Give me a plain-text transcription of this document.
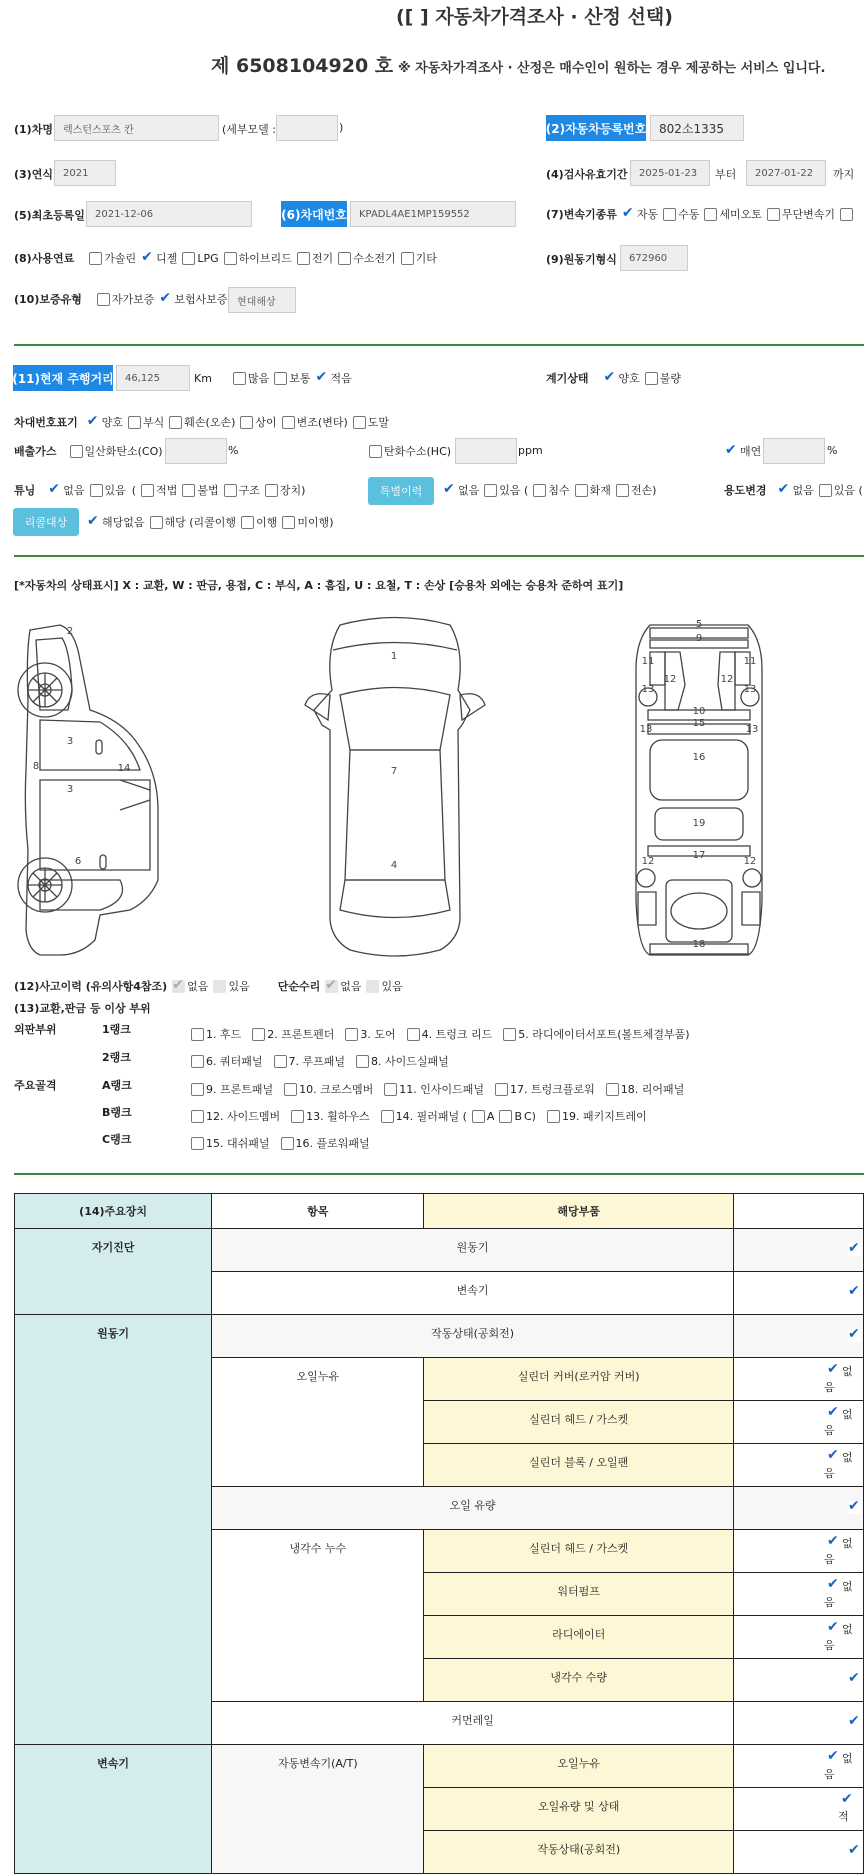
([ ] 자동차가격조사 · 산정 선택)
제 6508104920 호 ※ 자동차가격조사 · 산정은 매수인이 원하는 경우 제공하는 서비스 입니다.
(1)차명	렉스턴스포츠 칸	(세부모델 :	)	(2)자동차등록번호	802소1335
(3)연식	2021	(4)검사유효기간	2025-01-23	부터	2027-01-22	까지
(5)최초등록일	2021-12-06	(6)차대번호	KPADL4AE1MP159552	(7)변속기종류 ✔ 자동 수동 세미오토 무단변속기
(8)사용연료	가솔린 ✔ 디젤 LPG 하이브리드 전기 수소전기 기타	(9)원동기형식	672960
(10)보증유형	자가보증 ✔ 보험사보증 현대해상
(11)현재 주행거리	46,125	Km	많음 보통 ✔ 적음	계기상태 ✔	양호 불량
차대번호표기 ✔ 양호 부식 훼손(오손) 상이 변조(변타) 도말
배출가스	일산화탄소(CO)	%	탄화수소(HC)	ppm ✔	매연	%
튜닝 ✔	없음 있음 ( 적법 불법 구조 장치)	특별이력 ✔	없음 있음 ( 침수 화재 전손)	용도변경 ✔ 없음 있음 (
리콜대상 ✔	해당없음 해당 (리콜이행 이행 미이행)
[*자동차의 상태표시] X : 교환, W : 판금, 용접, C : 부식, A : 흠집, U : 요철, T : 손상 [승용차 외에는 승용차 준하여 표기]
2
3
8	14
3
6
1
7
4
5
9
11	11
12	12
13	13
10
15
16
19
13	13
12
17
12
18
(12)사고이력 (유의사항4참조) ✔ 없음 있음	단순수리 ✔ 없음 있음
(13)교환,판금 등 이상 부위
외판부위	1랭크	1. 후드 2. 프론트펜더 3. 도어 4. 트렁크 리드 5. 라디에이터서포트(볼트체결부품)
2랭크	6. 쿼터패널 7. 루프패널 8. 사이드실패널
주요골격	A랭크	9. 프론트패널 10. 크로스멤버 11. 인사이드패널 17. 트렁크플로워 18. 리어패널
B랭크	12. 사이드멤버 13. 휠하우스 14. 필러패널 ( A B C) 19. 패키지트레이
C랭크	15. 대쉬패널 16. 플로워패널
(14)주요장치	항목	해당부품	
자기진단	원동기	✔
	변속기	✔
원동기	작동상태(공회전)	✔
	오일누유	실린더 커버(로커암 커버)	✔없음
		실린더 헤드 / 가스켓	✔없음
		실린더 블록 / 오일팬	✔없음
	오일 유량	✔
	냉각수 누수	실린더 헤드 / 가스켓	✔없음
		워터펌프	✔없음
		라디에이터	✔없음
		냉각수 수량	✔
	커먼레일	✔
변속기	자동변속기(A/T)	오일누유	✔없음
		오일유량 및 상태	✔적
		작동상태(공회전)	✔
